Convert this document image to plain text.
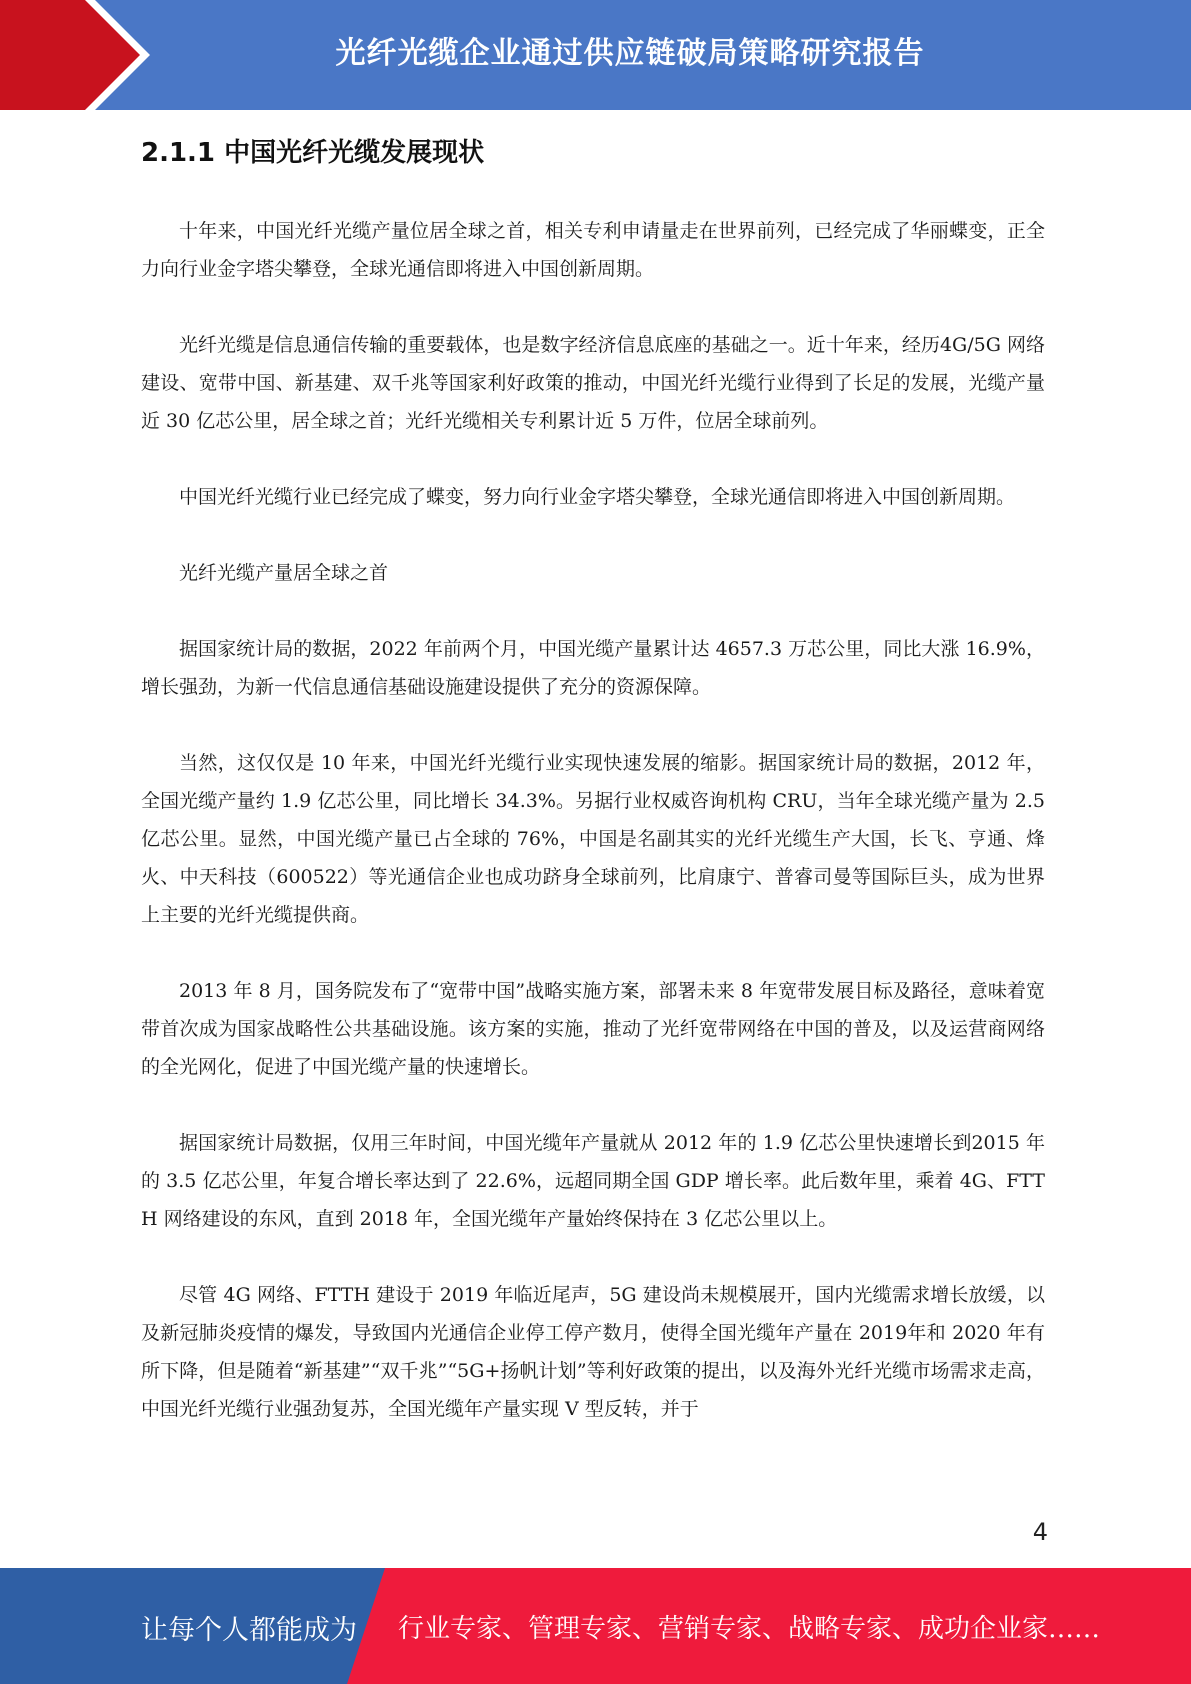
光纤光缆企业通过供应链破局策略研究报告
2.1.1 中国光纤光缆发展现状

十年来，中国光纤光缆产量位居全球之首，相关专利申请量走在世界前列，已经完成了华丽蝶变，正全力向行业金字塔尖攀登，全球光通信即将进入中国创新周期。

光纤光缆是信息通信传输的重要载体，也是数字经济信息底座的基础之一。近十年来，经历4G/5G 网络建设、宽带中国、新基建、双千兆等国家利好政策的推动，中国光纤光缆行业得到了长足的发展，光缆产量近 30 亿芯公里，居全球之首；光纤光缆相关专利累计近 5 万件，位居全球前列。

中国光纤光缆行业已经完成了蝶变，努力向行业金字塔尖攀登，全球光通信即将进入中国创新周期。

光纤光缆产量居全球之首

据国家统计局的数据，2022 年前两个月，中国光缆产量累计达 4657.3 万芯公里，同比大涨 16.9%，增长强劲，为新一代信息通信基础设施建设提供了充分的资源保障。

当然，这仅仅是 10 年来，中国光纤光缆行业实现快速发展的缩影。据国家统计局的数据，2012 年，全国光缆产量约 1.9 亿芯公里，同比增长 34.3%。另据行业权威咨询机构 CRU，当年全球光缆产量为 2.5 亿芯公里。显然，中国光缆产量已占全球的 76%，中国是名副其实的光纤光缆生产大国，长飞、亨通、烽火、中天科技（600522）等光通信企业也成功跻身全球前列，比肩康宁、普睿司曼等国际巨头，成为世界上主要的光纤光缆提供商。

2013 年 8 月，国务院发布了“宽带中国”战略实施方案，部署未来 8 年宽带发展目标及路径，意味着宽带首次成为国家战略性公共基础设施。该方案的实施，推动了光纤宽带网络在中国的普及，以及运营商网络的全光网化，促进了中国光缆产量的快速增长。

据国家统计局数据，仅用三年时间，中国光缆年产量就从 2012 年的 1.9 亿芯公里快速增长到2015 年的 3.5 亿芯公里，年复合增长率达到了 22.6%，远超同期全国 GDP 增长率。此后数年里，乘着 4G、FTTH 网络建设的东风，直到 2018 年，全国光缆年产量始终保持在 3 亿芯公里以上。

尽管 4G 网络、FTTH 建设于 2019 年临近尾声，5G 建设尚未规模展开，国内光缆需求增长放缓，以及新冠肺炎疫情的爆发，导致国内光通信企业停工停产数月，使得全国光缆年产量在 2019年和 2020 年有所下降，但是随着“新基建”“双千兆”“5G+扬帆计划”等利好政策的提出，以及海外光纤光缆市场需求走高，中国光纤光缆行业强劲复苏，全国光缆年产量实现 V 型反转，并于

4
让每个人都能成为 行业专家、管理专家、营销专家、战略专家、成功企业家……
